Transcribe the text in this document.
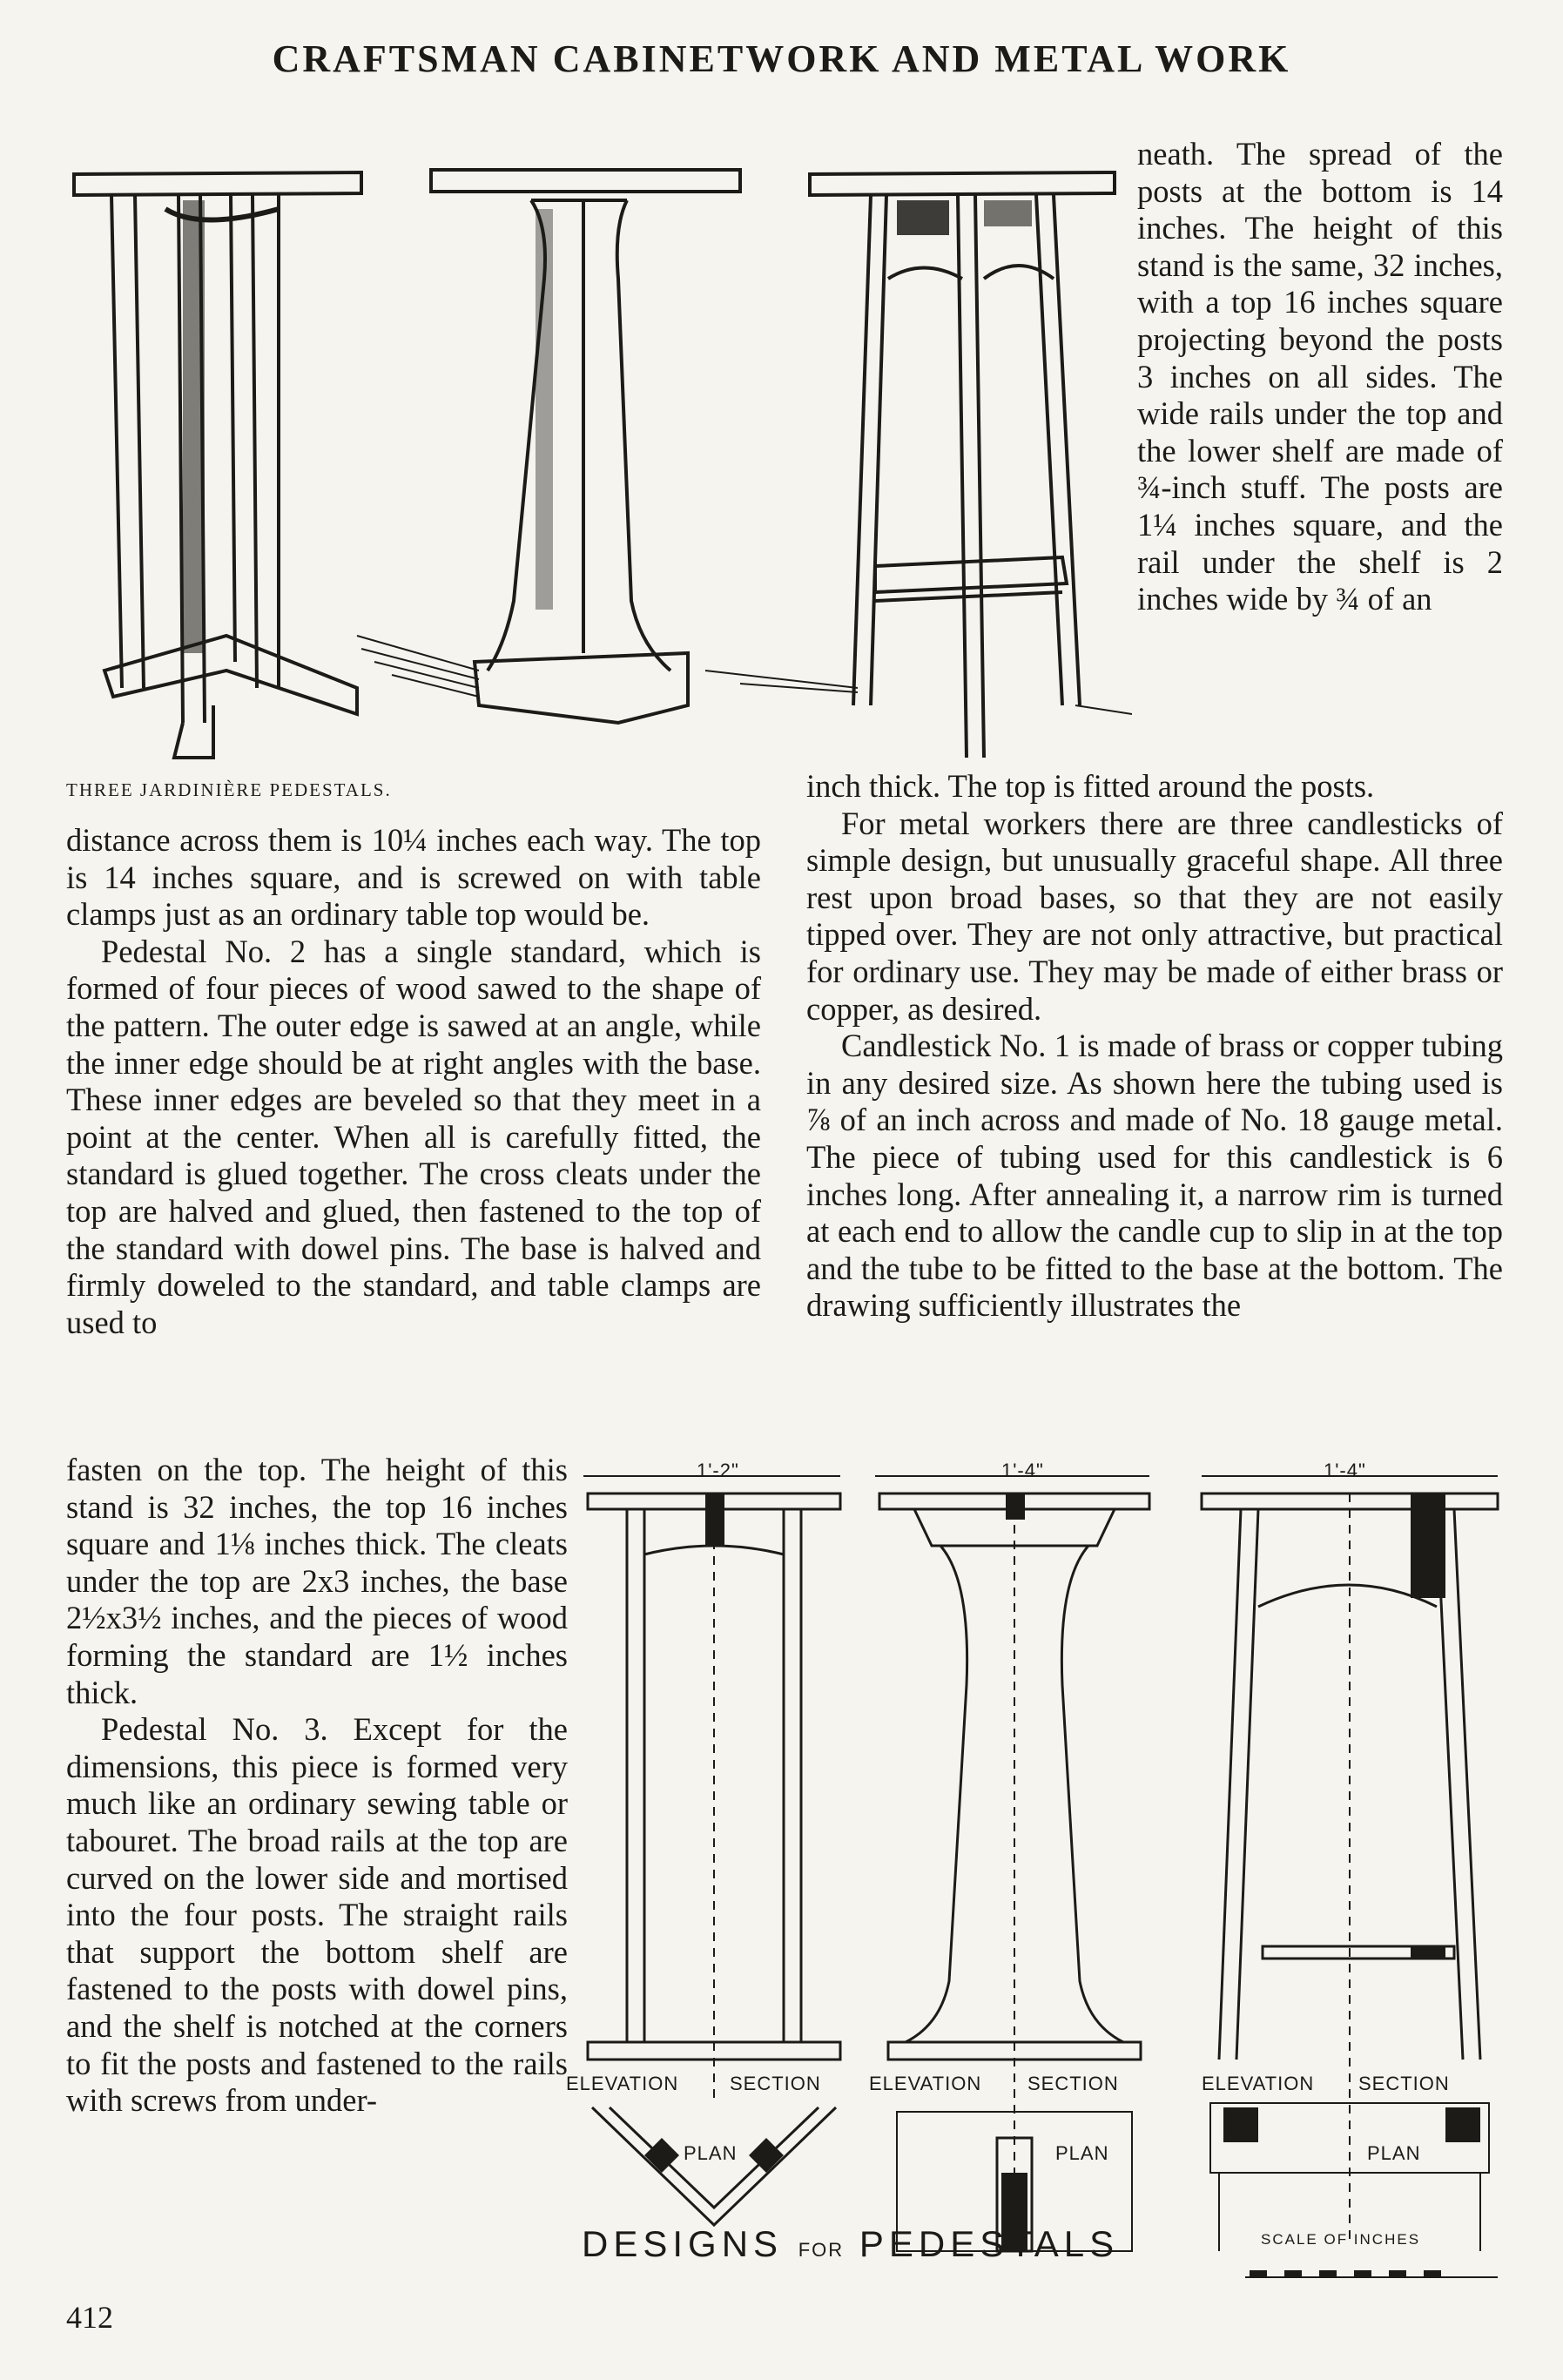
CRAFTSMAN CABINETWORK AND METAL WORK
THREE JARDINIÈRE PEDESTALS.

neath. The spread of the posts at the bottom is 14 inches. The height of this stand is the same, 32 inches, with a top 16 inches square projecting beyond the posts 3 inches on all sides. The wide rails under the top and the lower shelf are made of ¾-inch stuff. The posts are 1¼ inches square, and the rail under the shelf is 2 inches wide by ¾ of an

inch thick. The top is fitted around the posts.

For metal workers there are three candlesticks of simple design, but unusually graceful shape. All three rest upon broad bases, so that they are not easily tipped over. They are not only attractive, but practical for ordinary use. They may be made of either brass or copper, as desired.

Candlestick No. 1 is made of brass or copper tubing in any desired size. As shown here the tubing used is ⅞ of an inch across and made of No. 18 gauge metal. The piece of tubing used for this candlestick is 6 inches long. After annealing it, a narrow rim is turned at each end to allow the candle cup to slip in at the top and the tube to be fitted to the base at the bottom. The drawing sufficiently illustrates the

distance across them is 10¼ inches each way. The top is 14 inches square, and is screwed on with table clamps just as an ordinary table top would be.

Pedestal No. 2 has a single standard, which is formed of four pieces of wood sawed to the shape of the pattern. The outer edge is sawed at an angle, while the inner edge should be at right angles with the base. These inner edges are beveled so that they meet in a point at the center. When all is carefully fitted, the standard is glued together. The cross cleats under the top are halved and glued, then fastened to the top of the standard with dowel pins. The base is halved and firmly doweled to the standard, and table clamps are used to

fasten on the top. The height of this stand is 32 inches, the top 16 inches square and 1⅛ inches thick. The cleats under the top are 2x3 inches, the base 2½x3½ inches, and the pieces of wood forming the standard are 1½ inches thick.

Pedestal No. 3. Except for the dimensions, this piece is formed very much like an ordinary sewing table or tabouret. The broad rails at the top are curved on the lower side and mortised into the four posts. The straight rails that support the bottom shelf are fastened to the posts with dowel pins, and the shelf is notched at the corners to fit the posts and fastened to the rails with screws from under-

1'-2"	1'-4"	1'-4"
ELEVATION	SECTION	ELEVATION SECTION	ELEVATION SECTION
PLAN	PLAN	PLAN
DESIGNS FOR PEDESTALS	SCALE OF INCHES
412
